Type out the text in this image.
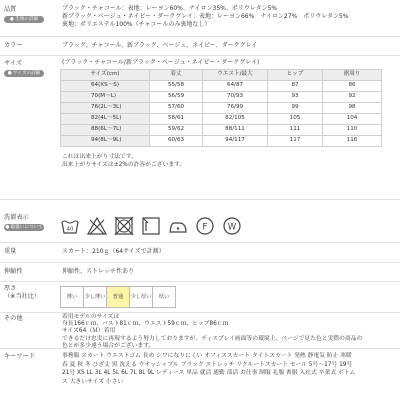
品質
● 生地の詳細
ブラック・チャコール：表地：レーヨン60%、ナイロン35%、ポリウレタン5%
新ブラック・ベージュ・ネイビー・ダークグレイ：表地：レーヨン66%　ナイロン27%　ポリウレタン5%
裏地：ポリエステル100%（チャコールのみ裏地なし）
カラー	ブラック、チャコール、新ブラック、ベージュ、ネイビー、ダークグレイ
サイズ
● サイズの詳細
(ブラック・チャコール/新ブラック・ベージュ・ネイビー・ダークグレイ)
サイズ(cm)	着丈	ウエスト/最大	ヒップ	裾周り
64(XS〜S)	55/58	64/87	87	86
70(M〜L)	56/59	70/93	93	92
76(2L〜3L)	57/60	76/99	99	98
82(4L〜5L)	58/61	82/105	105	104
88(6L〜7L)	59/62	88/111	111	110
94(8L〜9L)	60/63	94/117	117	116
これは出来上がり寸法です。
出来上がりサイズは±2%の許容がございます。
洗濯表示
● 取扱いについて	40	F W
重量	スカート：210ｇ（64サイズで計測）
伸縮性	伸縮性、ストレッチ性あり
厚さ
（※当社比）	薄い	少し薄い	普通	少し厚い	厚い
その他	着用モデルのサイズは
身長166ｃｍ、バスト81ｃｍ、ウエスト59ｃｍ、ヒップ86ｃｍ
サイズ64（Ｍ）着用
できるだけ忠実に再現するよう努力しておりますが、ディスプレイ画面等の環境上、ページで見た色と実際の商品の
色とが多少違う場合がございます。
キーワード	事務服 スカート ウエストゴム 長め シワになりにくい オフィススカート タイトスカート 発熱 静電気 防止 寒暖
春 夏 秋 冬 ひざ丈 黒 洗える ウオッシャブル ブラック ストレッチ リクルートスカート セール 5号〜17号 19号
21号 XS LL 3L 4L 5L 6L 7L 8L 9L レディース 単品 就活 通勤 部活 お仕事 制服 礼服 喪服 入社式 卒業式 ボトム
ス 大きいサイズ 小さい
